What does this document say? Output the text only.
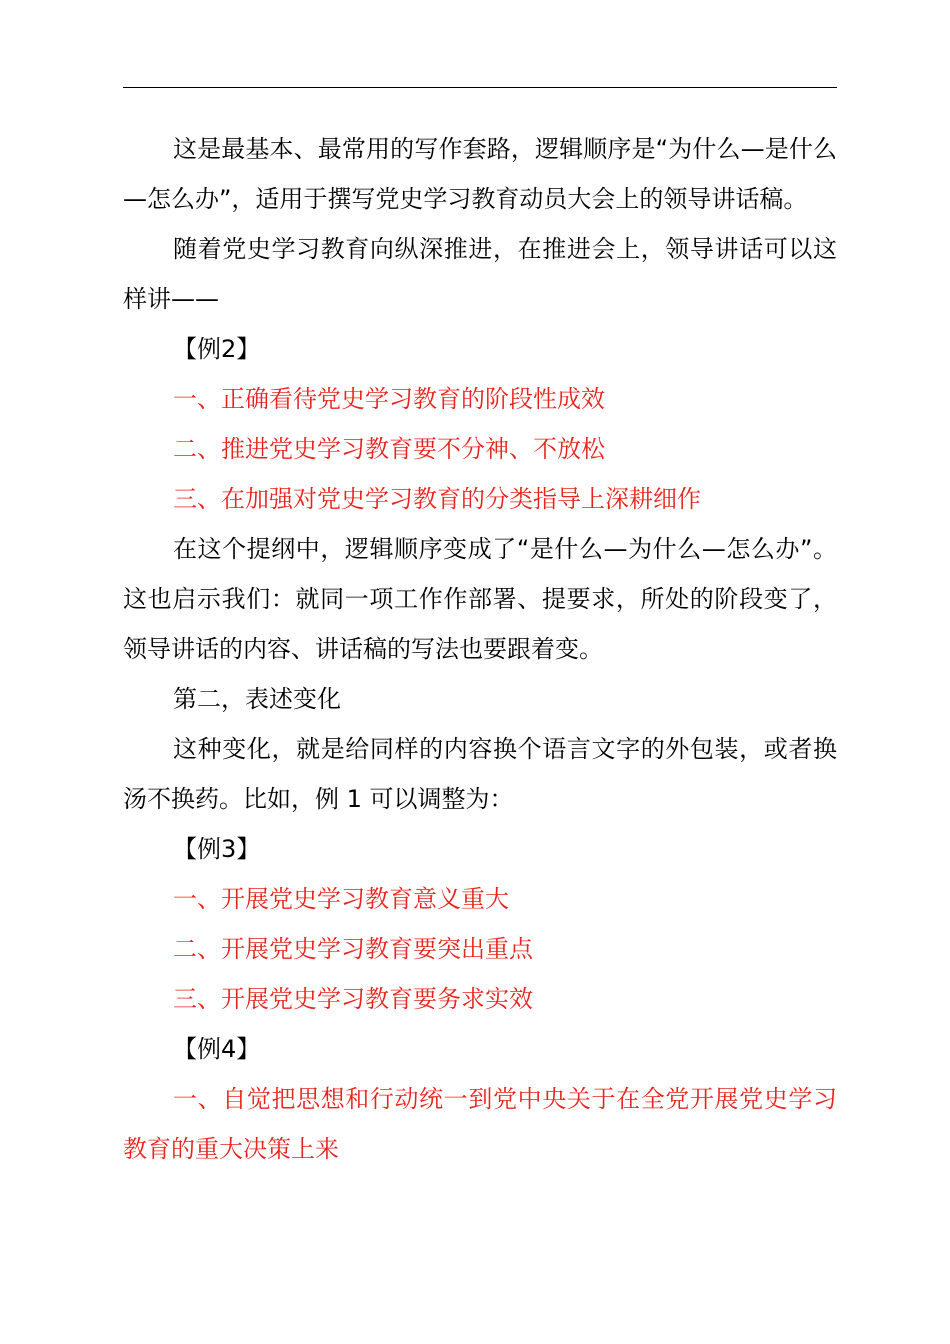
这是最基本、最常用的写作套路，逻辑顺序是“为什么—是什么—怎么办”，适用于撰写党史学习教育动员大会上的领导讲话稿。

随着党史学习教育向纵深推进，在推进会上，领导讲话可以这样讲——

【例2】

一、正确看待党史学习教育的阶段性成效

二、推进党史学习教育要不分神、不放松

三、在加强对党史学习教育的分类指导上深耕细作

在这个提纲中，逻辑顺序变成了“是什么—为什么—怎么办”。这也启示我们：就同一项工作作部署、提要求，所处的阶段变了，领导讲话的内容、讲话稿的写法也要跟着变。

第二，表述变化

这种变化，就是给同样的内容换个语言文字的外包装，或者换汤不换药。比如，例 1 可以调整为：

【例3】

一、开展党史学习教育意义重大

二、开展党史学习教育要突出重点

三、开展党史学习教育要务求实效

【例4】

一、自觉把思想和行动统一到党中央关于在全党开展党史学习教育的重大决策上来
